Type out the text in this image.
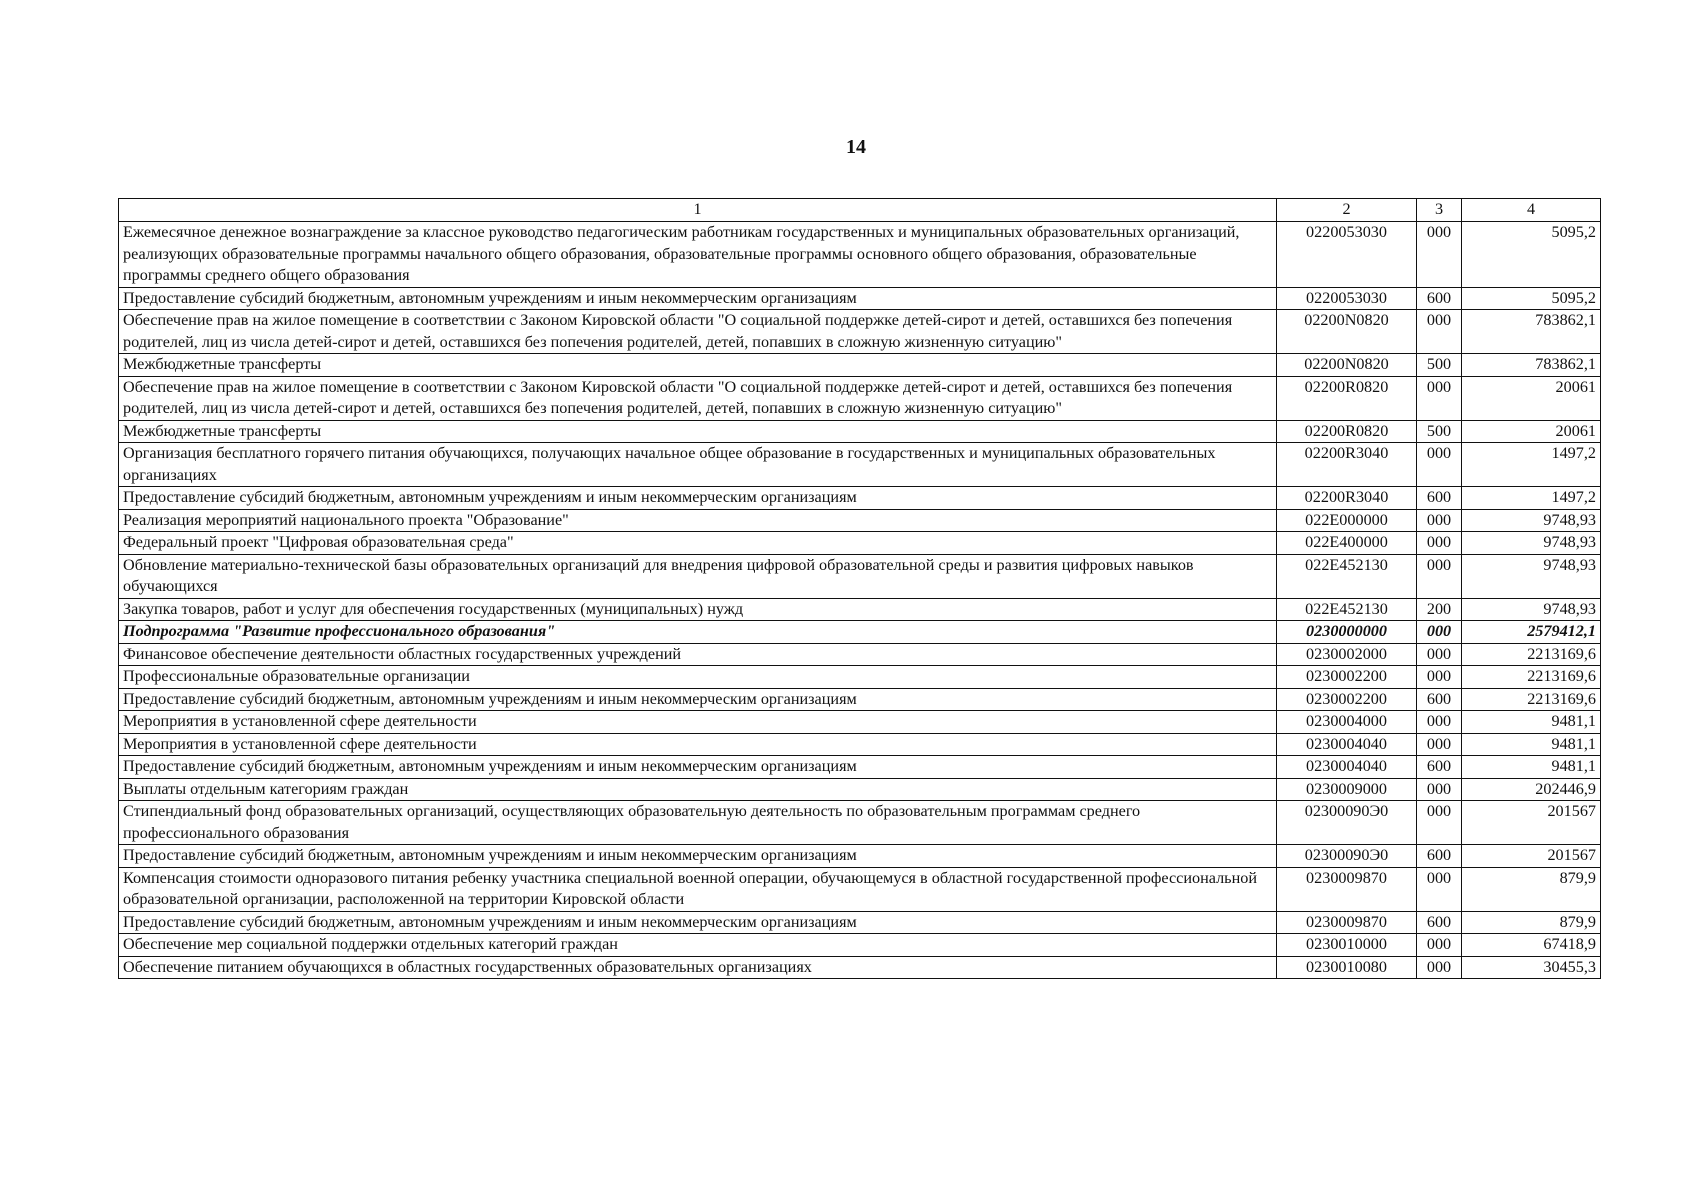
14
1	2	3	4
Ежемесячное денежное вознаграждение за классное руководство педагогическим работникам государственных и муниципальных образовательных организаций, реализующих образовательные программы начального общего образования, образовательные программы основного общего образования, образовательные программы среднего общего образования	0220053030	000	5095,2
Предоставление субсидий бюджетным, автономным учреждениям и иным некоммерческим организациям	0220053030	600	5095,2
Обеспечение прав на жилое помещение в соответствии с Законом Кировской области "О социальной поддержке детей-сирот и детей, оставшихся без попечения родителей, лиц из числа детей-сирот и детей, оставшихся без попечения родителей, детей, попавших в сложную жизненную ситуацию"	02200N0820	000	783862,1
Межбюджетные трансферты	02200N0820	500	783862,1
Обеспечение прав на жилое помещение в соответствии с Законом Кировской области "О социальной поддержке детей-сирот и детей, оставшихся без попечения родителей, лиц из числа детей-сирот и детей, оставшихся без попечения родителей, детей, попавших в сложную жизненную ситуацию"	02200R0820	000	20061
Межбюджетные трансферты	02200R0820	500	20061
Организация бесплатного горячего питания обучающихся, получающих начальное общее образование в государственных и муниципальных образовательных организациях	02200R3040	000	1497,2
Предоставление субсидий бюджетным, автономным учреждениям и иным некоммерческим организациям	02200R3040	600	1497,2
Реализация мероприятий национального проекта "Образование"	022E000000	000	9748,93
Федеральный проект "Цифровая образовательная среда"	022E400000	000	9748,93
Обновление материально-технической базы образовательных организаций для внедрения цифровой образовательной среды и развития цифровых навыков обучающихся	022E452130	000	9748,93
Закупка товаров, работ и услуг для обеспечения государственных (муниципальных) нужд	022E452130	200	9748,93
Подпрограмма "Развитие профессионального образования"	0230000000	000	2579412,1
Финансовое обеспечение деятельности областных государственных учреждений	0230002000	000	2213169,6
Профессиональные образовательные организации	0230002200	000	2213169,6
Предоставление субсидий бюджетным, автономным учреждениям и иным некоммерческим организациям	0230002200	600	2213169,6
Мероприятия в установленной сфере деятельности	0230004000	000	9481,1
Мероприятия в установленной сфере деятельности	0230004040	000	9481,1
Предоставление субсидий бюджетным, автономным учреждениям и иным некоммерческим организациям	0230004040	600	9481,1
Выплаты отдельным категориям граждан	0230009000	000	202446,9
Стипендиальный фонд образовательных организаций, осуществляющих образовательную деятельность по образовательным программам среднего профессионального образования	02300090Э0	000	201567
Предоставление субсидий бюджетным, автономным учреждениям и иным некоммерческим организациям	02300090Э0	600	201567
Компенсация стоимости одноразового питания ребенку участника специальной военной операции, обучающемуся в областной государственной профессиональной образовательной организации, расположенной на территории Кировской области	0230009870	000	879,9
Предоставление субсидий бюджетным, автономным учреждениям и иным некоммерческим организациям	0230009870	600	879,9
Обеспечение мер социальной поддержки отдельных категорий граждан	0230010000	000	67418,9
Обеспечение питанием обучающихся в областных государственных образовательных организациях	0230010080	000	30455,3
